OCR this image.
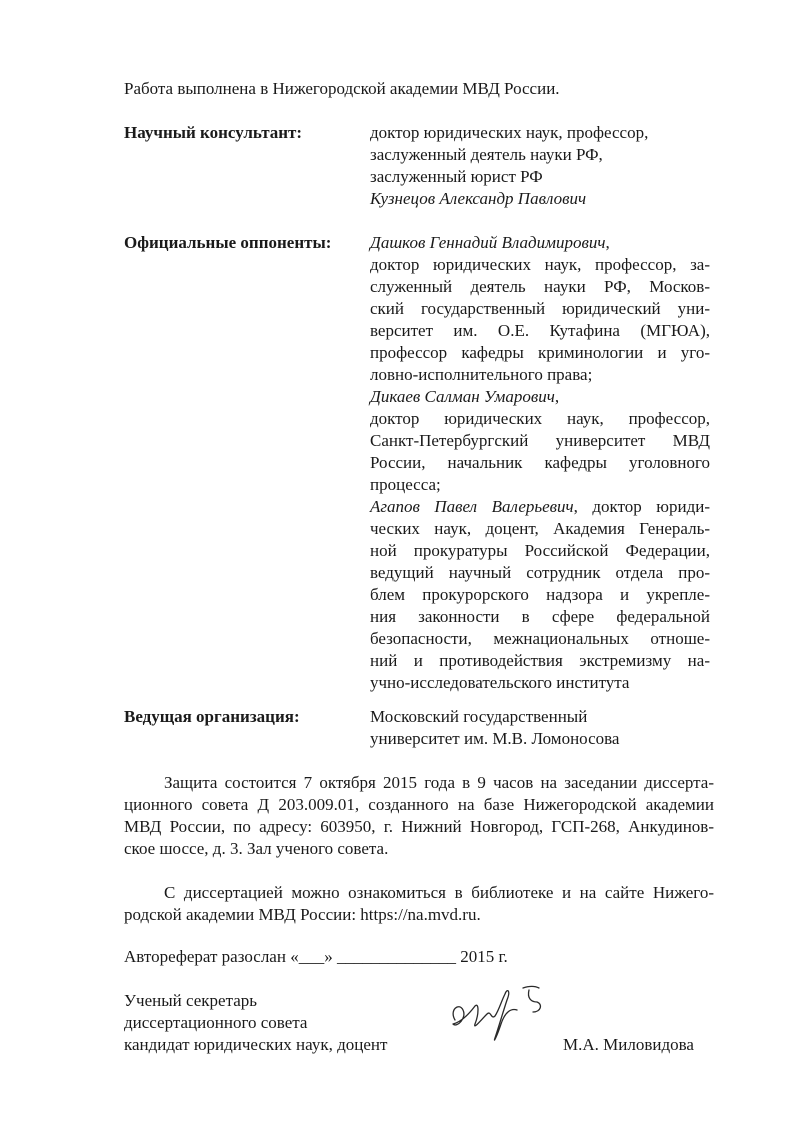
Работа выполнена в Нижегородской академии МВД России.
Научный консультант:	доктор юридических наук, профессор,
заслуженный деятель науки РФ,
заслуженный юрист РФ
Кузнецов Александр Павлович
Официальные оппоненты: Дашков Геннадий Владимирович,
доктор юридических наук, профессор, за-
служенный деятель науки РФ, Москов-
ский государственный юридический уни-
верситет им. О.Е. Кутафина (МГЮА),
профессор кафедры криминологии и уго-
ловно-исполнительного права;
Дикаев Салман Умарович,
доктор юридических наук, профессор,
Санкт-Петербургский университет МВД
России, начальник кафедры уголовного
процесса;
Агапов Павел Валерьевич, доктор юриди-
ческих наук, доцент, Академия Генераль-
ной прокуратуры Российской Федерации,
ведущий научный сотрудник отдела про-
блем прокурорского надзора и укрепле-
ния законности в сфере федеральной
безопасности, межнациональных отноше-
ний и противодействия экстремизму на-
учно-исследовательского института
Ведущая организация:	Московский государственный
университет им. М.В. Ломоносова
Защита состоится 7 октября 2015 года в 9 часов на заседании диссерта-
ционного совета Д 203.009.01, созданного на базе Нижегородской академии
МВД России, по адресу: 603950, г. Нижний Новгород, ГСП-268, Анкудинов-
ское шоссе, д. 3. Зал ученого совета.
С диссертацией можно ознакомиться в библиотеке и на сайте Нижего-
родской академии МВД России: https://na.mvd.ru.
Автореферат разослан «___» ______________ 2015 г.
Ученый секретарь
диссертационного совета
кандидат юридических наук, доцент	М.А. Миловидова
